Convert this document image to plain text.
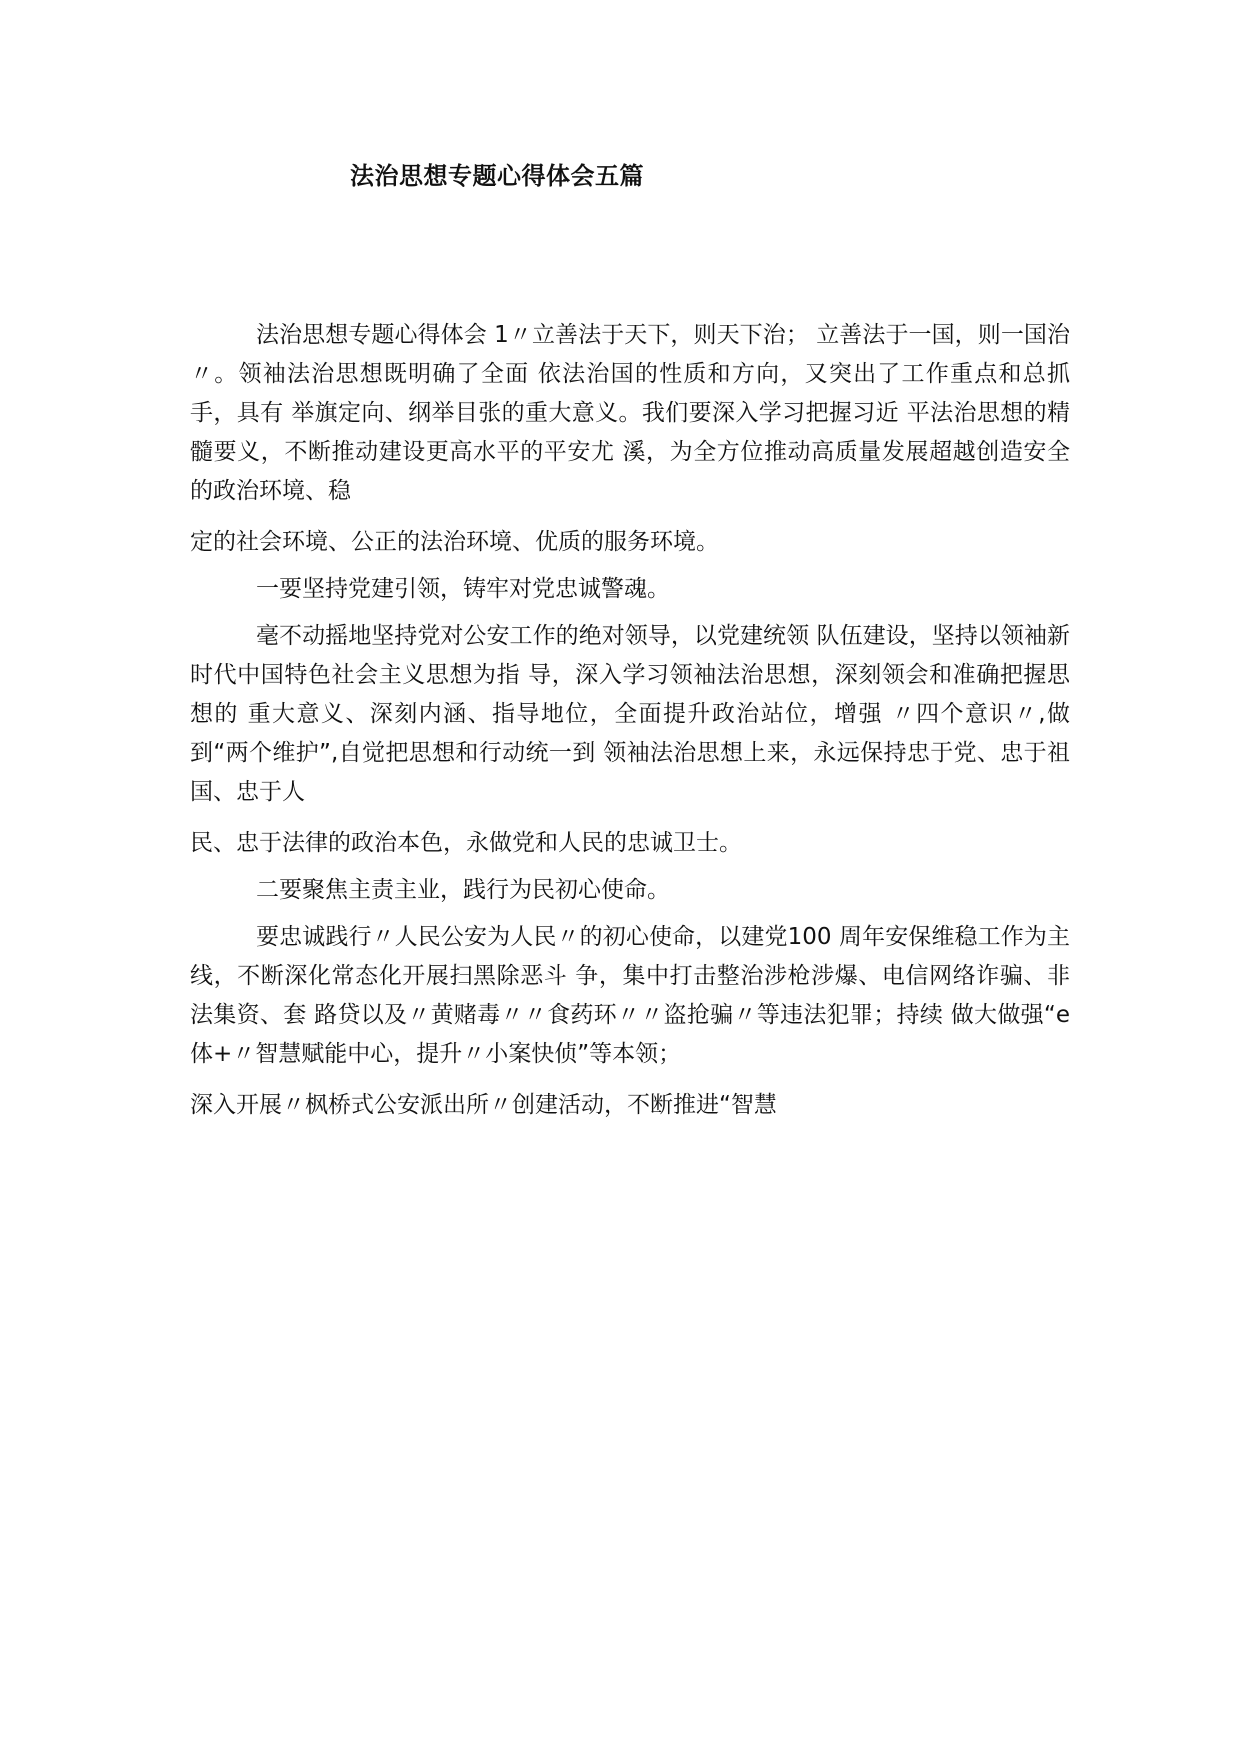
法治思想专题心得体会五篇

法治思想专题心得体会 1〃立善法于天下，则天下治； 立善法于一国，则一国治〃。领袖法治思想既明确了全面 依法治国的性质和方向，又突出了工作重点和总抓手，具有 举旗定向、纲举目张的重大意义。我们要深入学习把握习近 平法治思想的精髓要义，不断推动建设更高水平的平安尤 溪，为全方位推动高质量发展超越创造安全的政治环境、稳

定的社会环境、公正的法治环境、优质的服务环境。

一要坚持党建引领，铸牢对党忠诚警魂。

毫不动摇地坚持党对公安工作的绝对领导，以党建统领 队伍建设，坚持以领袖新时代中国特色社会主义思想为指 导，深入学习领袖法治思想，深刻领会和准确把握思想的 重大意义、深刻内涵、指导地位，全面提升政治站位，增强 〃四个意识〃,做到“两个维护”,自觉把思想和行动统一到 领袖法治思想上来，永远保持忠于党、忠于祖国、忠于人

民、忠于法律的政治本色，永做党和人民的忠诚卫士。

二要聚焦主责主业，践行为民初心使命。

要忠诚践行〃人民公安为人民〃的初心使命，以建党100 周年安保维稳工作为主线，不断深化常态化开展扫黑除恶斗 争，集中打击整治涉枪涉爆、电信网络诈骗、非法集资、套 路贷以及〃黄赌毒〃〃食药环〃〃盗抢骗〃等违法犯罪；持续 做大做强“e 体+〃智慧赋能中心，提升〃小案快侦”等本领；

深入开展〃枫桥式公安派出所〃创建活动，不断推进“智慧
